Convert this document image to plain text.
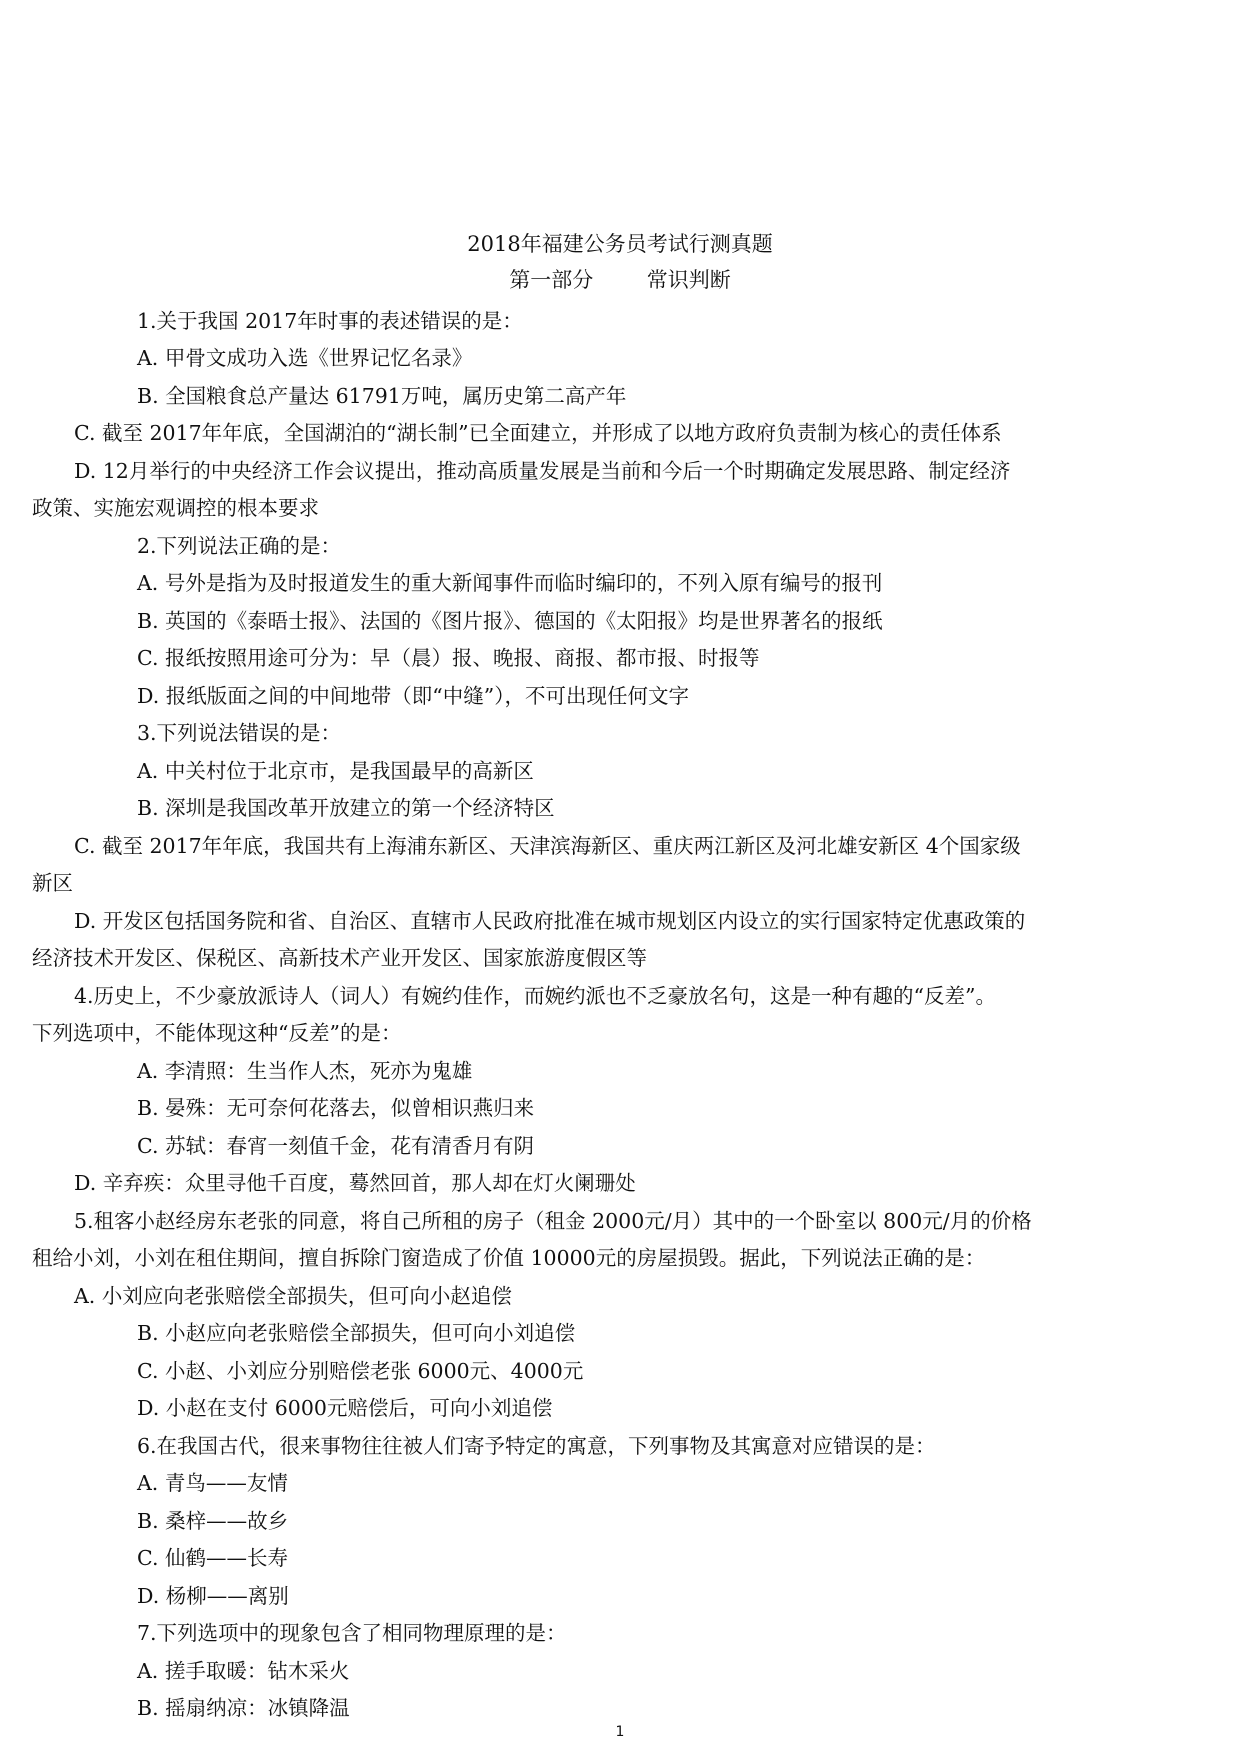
2018年福建公务员考试行测真题
第一部分        常识判断
1.关于我国 2017年时事的表述错误的是：
A. 甲骨文成功入选《世界记忆名录》
B. 全国粮食总产量达 61791万吨，属历史第二高产年
C. 截至 2017年年底，全国湖泊的“湖长制”已全面建立，并形成了以地方政府负责制为核心的责任体系
D. 12月举行的中央经济工作会议提出，推动高质量发展是当前和今后一个时期确定发展思路、制定经济
政策、实施宏观调控的根本要求
2.下列说法正确的是：
A. 号外是指为及时报道发生的重大新闻事件而临时编印的，不列入原有编号的报刊
B. 英国的《泰晤士报》、法国的《图片报》、德国的《太阳报》均是世界著名的报纸
C. 报纸按照用途可分为：早（晨）报、晚报、商报、都市报、时报等
D. 报纸版面之间的中间地带（即“中缝”），不可出现任何文字
3.下列说法错误的是：
A. 中关村位于北京市，是我国最早的高新区
B. 深圳是我国改革开放建立的第一个经济特区
C. 截至 2017年年底，我国共有上海浦东新区、天津滨海新区、重庆两江新区及河北雄安新区 4个国家级
新区
D. 开发区包括国务院和省、自治区、直辖市人民政府批准在城市规划区内设立的实行国家特定优惠政策的
经济技术开发区、保税区、高新技术产业开发区、国家旅游度假区等
4.历史上，不少豪放派诗人（词人）有婉约佳作，而婉约派也不乏豪放名句，这是一种有趣的“反差”。
下列选项中，不能体现这种“反差”的是：
A. 李清照：生当作人杰，死亦为鬼雄
B. 晏殊：无可奈何花落去，似曾相识燕归来
C. 苏轼：春宵一刻值千金，花有清香月有阴
D. 辛弃疾：众里寻他千百度，蓦然回首，那人却在灯火阑珊处
5.租客小赵经房东老张的同意，将自己所租的房子（租金 2000元/月）其中的一个卧室以 800元/月的价格
租给小刘，小刘在租住期间，擅自拆除门窗造成了价值 10000元的房屋损毁。据此，下列说法正确的是：
A. 小刘应向老张赔偿全部损失，但可向小赵追偿
B. 小赵应向老张赔偿全部损失，但可向小刘追偿
C. 小赵、小刘应分别赔偿老张 6000元、4000元
D. 小赵在支付 6000元赔偿后，可向小刘追偿
6.在我国古代，很来事物往往被人们寄予特定的寓意，下列事物及其寓意对应错误的是：
A. 青鸟——友情
B. 桑梓——故乡
C. 仙鹤——长寿
D. 杨柳——离别
7.下列选项中的现象包含了相同物理原理的是：
A. 搓手取暖：钻木采火
B. 摇扇纳凉：冰镇降温
1
